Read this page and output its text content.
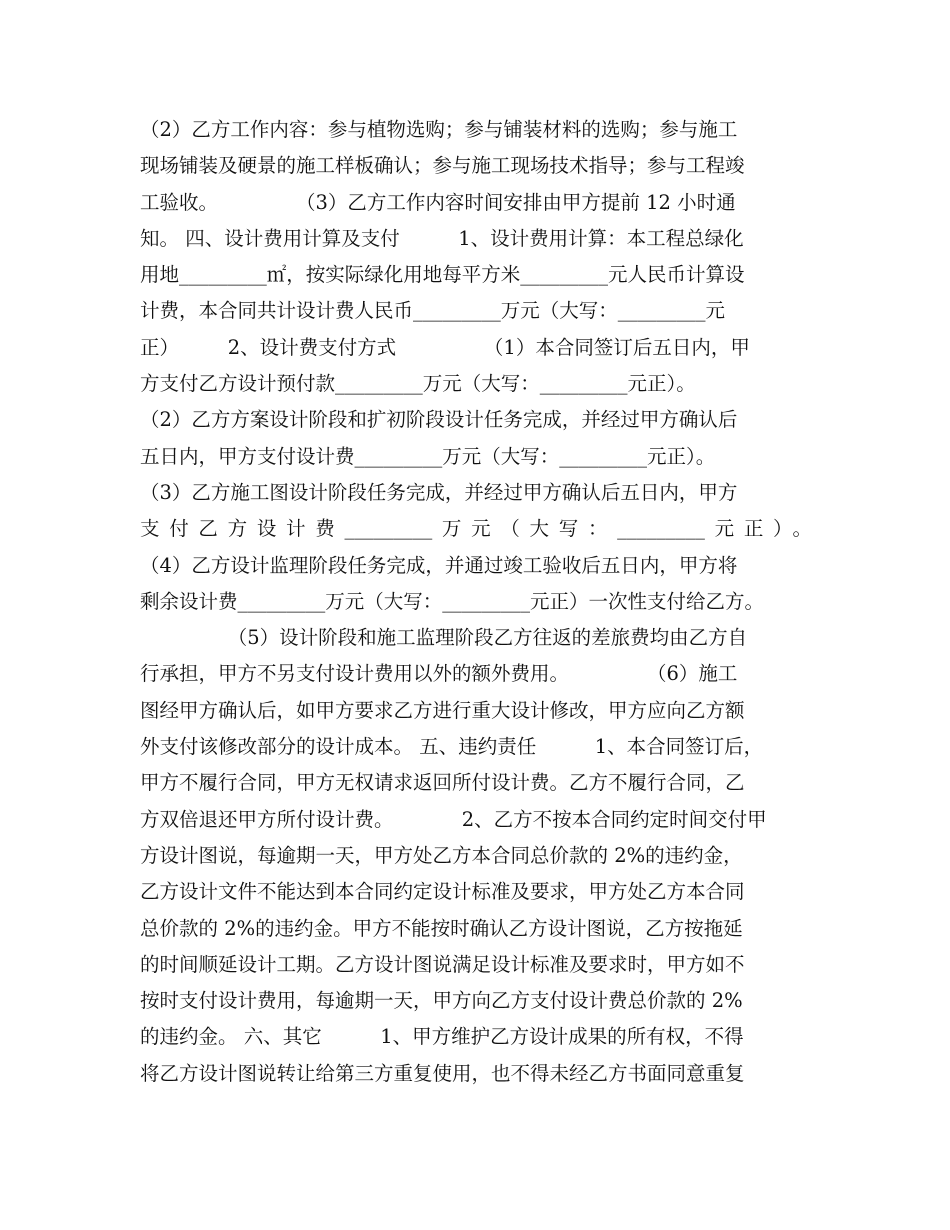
（2）乙方工作内容：参与植物选购；参与铺装材料的选购；参与施工
现场铺装及硬景的施工样板确认；参与施工现场技术指导；参与工程竣
工验收。　　　　　（3）乙方工作内容时间安排由甲方提前 12 小时通
知。 四、设计费用计算及支付　　　1、设计费用计算：本工程总绿化
用地_________㎡，按实际绿化用地每平方米_________元人民币计算设
计费，本合同共计设计费人民币_________万元（大写：_________元
正）　　　2、设计费支付方式　　　　　（1）本合同签订后五日内，甲
方支付乙方设计预付款_________万元（大写：_________元正）。
（2）乙方方案设计阶段和扩初阶段设计任务完成，并经过甲方确认后
五日内，甲方支付设计费_________万元（大写：_________元正）。
（3）乙方施工图设计阶段任务完成，并经过甲方确认后五日内，甲方
支付乙方设计费_________万元（大写：_________元正）。
（4）乙方设计监理阶段任务完成，并通过竣工验收后五日内，甲方将
剩余设计费_________万元（大写：_________元正）一次性支付给乙方。
　　　　　（5）设计阶段和施工监理阶段乙方往返的差旅费均由乙方自
行承担，甲方不另支付设计费用以外的额外费用。　　　　　（6）施工
图经甲方确认后，如甲方要求乙方进行重大设计修改，甲方应向乙方额
外支付该修改部分的设计成本。 五、违约责任　　　1、本合同签订后，
甲方不履行合同，甲方无权请求返回所付设计费。乙方不履行合同，乙
方双倍退还甲方所付设计费。　　　　2、乙方不按本合同约定时间交付甲
方设计图说，每逾期一天，甲方处乙方本合同总价款的 2%的违约金，
乙方设计文件不能达到本合同约定设计标准及要求，甲方处乙方本合同
总价款的 2%的违约金。甲方不能按时确认乙方设计图说，乙方按拖延
的时间顺延设计工期。乙方设计图说满足设计标准及要求时，甲方如不
按时支付设计费用，每逾期一天，甲方向乙方支付设计费总价款的 2%
的违约金。 六、其它　　　1、甲方维护乙方设计成果的所有权，不得
将乙方设计图说转让给第三方重复使用，也不得未经乙方书面同意重复
